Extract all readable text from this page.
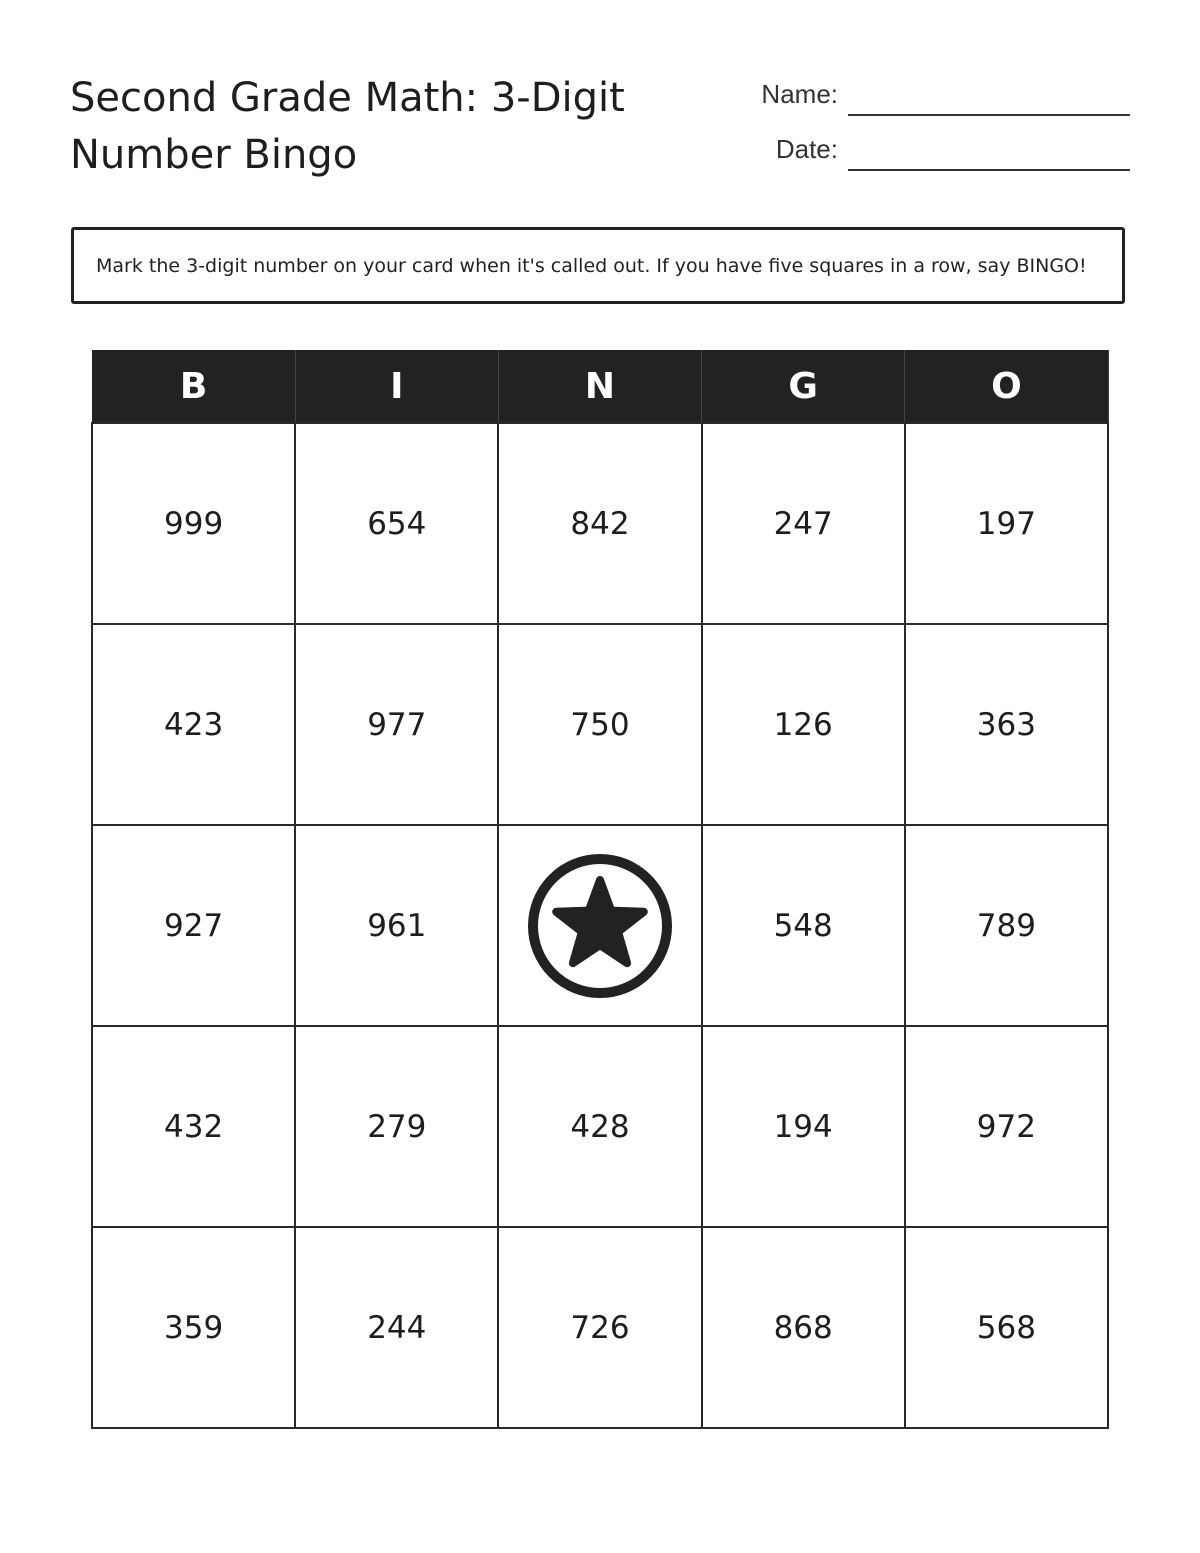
Second Grade Math: 3-Digit Number Bingo
Name:
Date:
Mark the 3-digit number on your card when it's called out. If you have five squares in a row, say BINGO!
B	I	N	G	O
999	654	842	247	197
423	977	750	126	363
927	961		548	789
432	279	428	194	972
359	244	726	868	568
